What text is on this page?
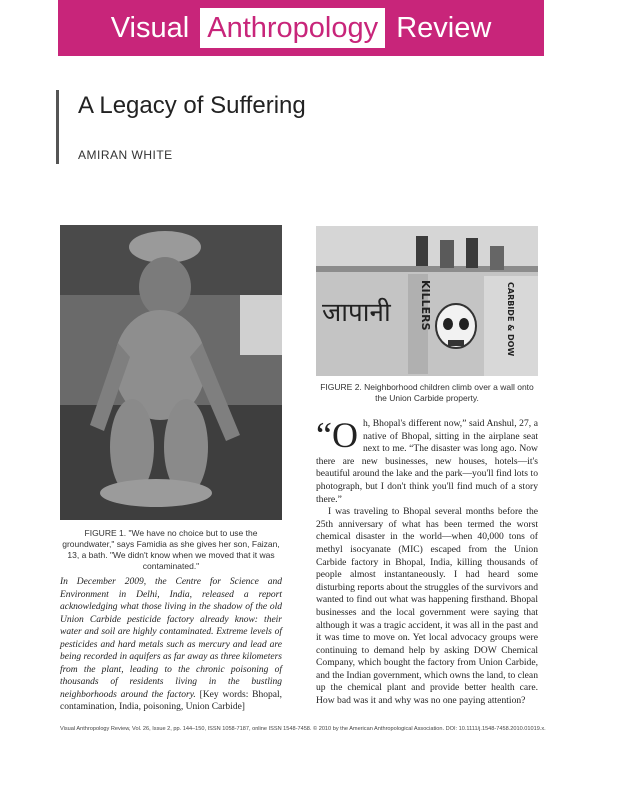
Visual Anthropology Review
A Legacy of Suffering
AMIRAN WHITE
FIGURE 1. "We have no choice but to use the groundwater," says Famidia as she gives her son, Faizan, 13, a bath. "We didn't know when we moved that it was contaminated."
जापानी	KILLERS	CARBIDE & DOW
FIGURE 2. Neighborhood children climb over a wall onto the Union Carbide property.
In December 2009, the Centre for Science and Environment in Delhi, India, released a report acknowledging what those living in the shadow of the old Union Carbide pesticide factory already know: their water and soil are highly contaminated. Extreme levels of pesticides and hard metals such as mercury and lead are being recorded in aquifers as far away as three kilometers from the plant, leading to the chronic poisoning of thousands of residents living in the bustling neighborhoods around the factory. [Key words: Bhopal, contamination, India, poisoning, Union Carbide]

“Oh, Bhopal's different now,” said Anshul, 27, a native of Bhopal, sitting in the airplane seat next to me. “The disaster was long ago. Now there are new businesses, new houses, hotels—it's beautiful around the lake and the park—you'll find lots to photograph, but I don't think you'll find much of a story there.”

I was traveling to Bhopal several months before the 25th anniversary of what has been termed the worst chemical disaster in the world—when 40,000 tons of methyl isocyanate (MIC) escaped from the Union Carbide factory in Bhopal, India, killing thousands of people almost instantaneously. I had heard some disturbing reports about the struggles of the survivors and wanted to find out what was happening firsthand. Bhopal businesses and the local government were saying that although it was a tragic accident, it was all in the past and it was time to move on. Yet local advocacy groups were continuing to demand help by asking DOW Chemical Company, which bought the factory from Union Carbide, and the Indian government, which owns the land, to clean up the chemical plant and provide better health care. How bad was it and why was no one paying attention?

Visual Anthropology Review, Vol. 26, Issue 2, pp. 144–150, ISSN 1058-7187, online ISSN 1548-7458. © 2010 by the American Anthropological Association. DOI: 10.1111/j.1548-7458.2010.01019.x.
